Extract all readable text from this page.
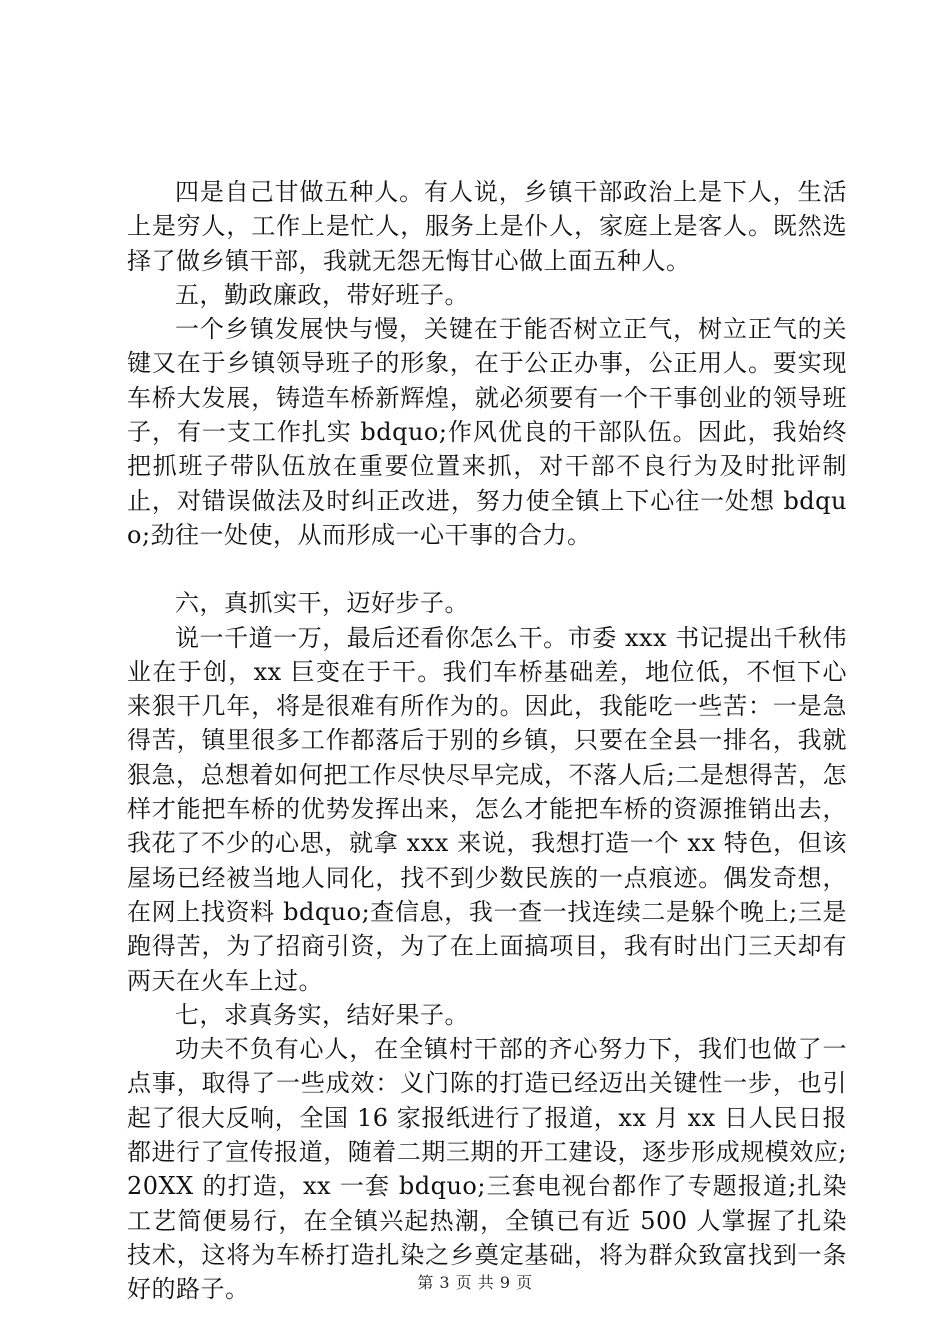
四是自己甘做五种人。有人说，乡镇干部政治上是下人，生活上是穷人，工作上是忙人，服务上是仆人，家庭上是客人。既然选择了做乡镇干部，我就无怨无悔甘心做上面五种人。

五，勤政廉政，带好班子。

一个乡镇发展快与慢，关键在于能否树立正气，树立正气的关键又在于乡镇领导班子的形象，在于公正办事，公正用人。要实现车桥大发展，铸造车桥新辉煌，就必须要有一个干事创业的领导班子，有一支工作扎实 bdquo;作风优良的干部队伍。因此，我始终把抓班子带队伍放在重要位置来抓，对干部不良行为及时批评制止，对错误做法及时纠正改进，努力使全镇上下心往一处想 bdquo;劲往一处使，从而形成一心干事的合力。

六，真抓实干，迈好步子。

说一千道一万，最后还看你怎么干。市委 xxx 书记提出千秋伟业在于创，xx 巨变在于干。我们车桥基础差，地位低，不恒下心来狠干几年，将是很难有所作为的。因此，我能吃一些苦：一是急得苦，镇里很多工作都落后于别的乡镇，只要在全县一排名，我就狠急，总想着如何把工作尽快尽早完成，不落人后;二是想得苦，怎样才能把车桥的优势发挥出来，怎么才能把车桥的资源推销出去，我花了不少的心思，就拿 xxx 来说，我想打造一个 xx 特色，但该屋场已经被当地人同化，找不到少数民族的一点痕迹。偶发奇想，在网上找资料 bdquo;查信息，我一查一找连续二是躲个晚上;三是跑得苦，为了招商引资，为了在上面搞项目，我有时出门三天却有两天在火车上过。

七，求真务实，结好果子。

功夫不负有心人，在全镇村干部的齐心努力下，我们也做了一点事，取得了一些成效：义门陈的打造已经迈出关键性一步，也引起了很大反响，全国 16 家报纸进行了报道，xx 月 xx 日人民日报都进行了宣传报道，随着二期三期的开工建设，逐步形成规模效应;20XX 的打造，xx 一套 bdquo;三套电视台都作了专题报道;扎染工艺简便易行，在全镇兴起热潮，全镇已有近 500 人掌握了扎染技术，这将为车桥打造扎染之乡奠定基础，将为群众致富找到一条好的路子。	第 3 页 共 9 页
